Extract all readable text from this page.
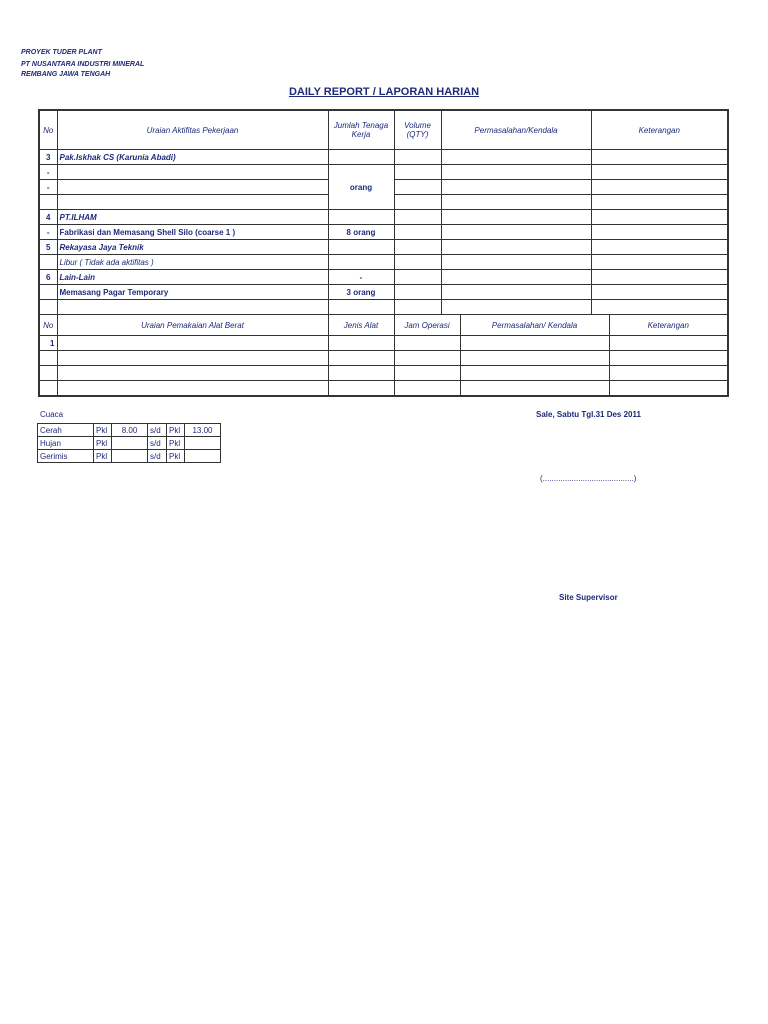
PROYEK TUDER PLANT
PT NUSANTARA INDUSTRI MINERAL
REMBANG JAWA TENGAH
DAILY REPORT / LAPORAN HARIAN
No	Uraian Aktifitas Pekerjaan	Jumlah Tenaga Kerja	Volume (QTY)	Permasalahan/Kendala		Keterangan	
3	Pak.Iskhak CS (Karunia Abadi)						
-		orang					
-							

4	PT.ILHAM						
-	Fabrikasi dan Memasang Shell Silo (coarse 1 )	8 orang					
5	Rekayasa Jaya Teknik						
	Libur ( Tidak ada aktifitas )						
6	Lain-Lain	-					
	Memasang Pagar Temporary	3 orang					

No	Uraian Pemakaian Alat Berat	Jenis Alat	Jam Operasi		Permasalahan/ Kendala		Keterangan
1							

Cuaca	Sale, Sabtu Tgl.31 Des 2011
Cerah	Pkl	8.00	s/d	Pkl	13.00
Hujan	Pkl		s/d	Pkl	
Gerimis	Pkl		s/d	Pkl	
(.........................................)
Site Supervisor
